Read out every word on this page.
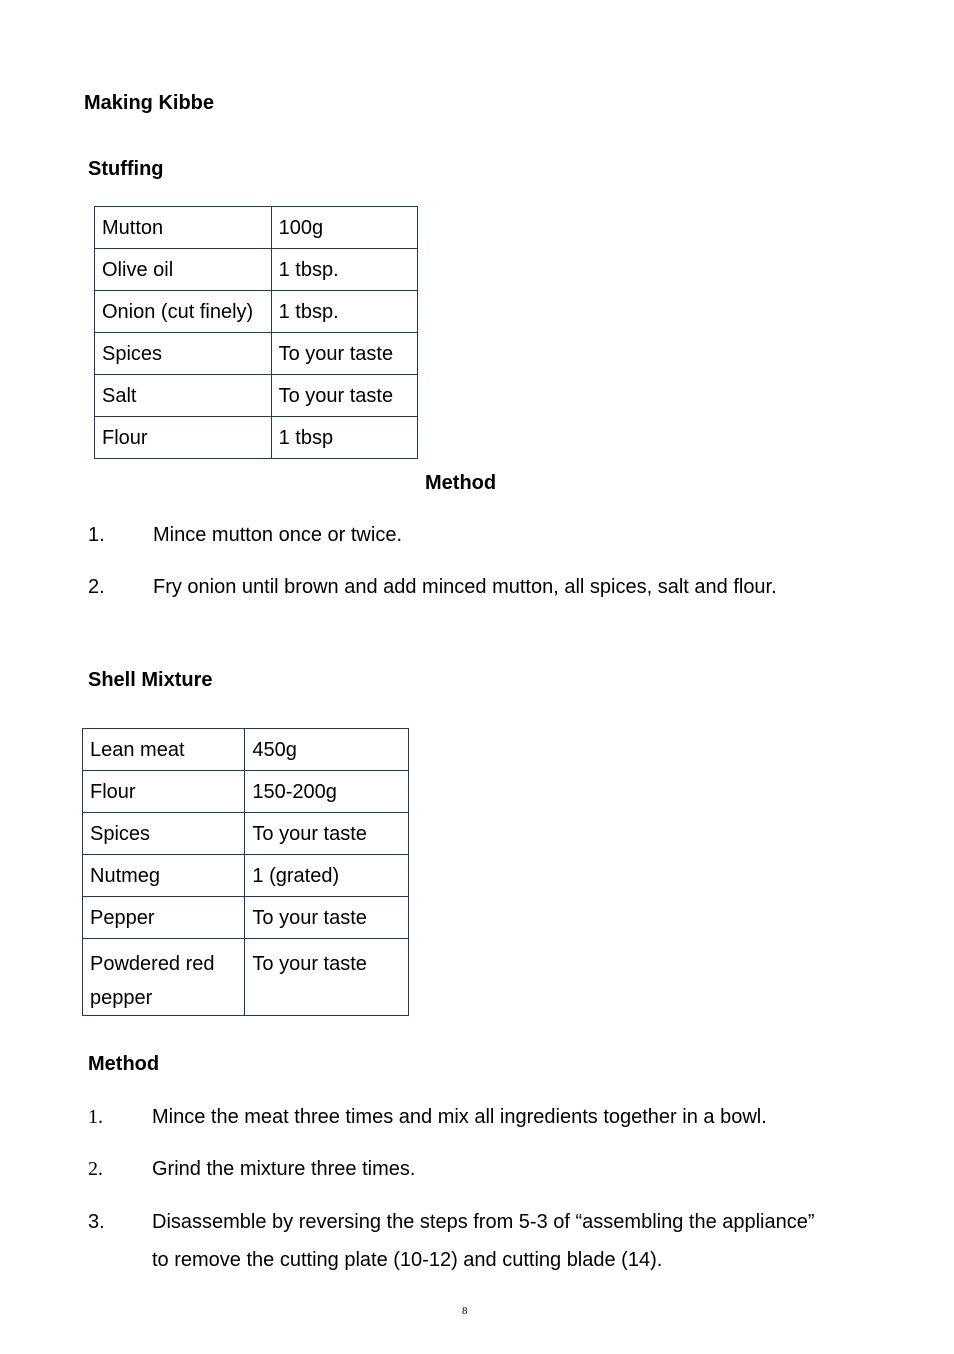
Making Kibbe
Stuffing
Mutton	100g
Olive oil	1 tbsp.
Onion (cut finely)	1 tbsp.
Spices	To your taste
Salt	To your taste
Flour	1 tbsp
Method
1. Mince mutton once or twice.
2. Fry onion until brown and add minced mutton, all spices, salt and flour.
Shell Mixture
Lean meat	450g
Flour	150-200g
Spices	To your taste
Nutmeg	1 (grated)
Pepper	To your taste
Powdered red pepper	To your taste
Method
1. Mince the meat three times and mix all ingredients together in a bowl.
2. Grind the mixture three times.
3. Disassemble by reversing the steps from 5-3 of “assembling the appliance”
to remove the cutting plate (10-12) and cutting blade (14).
8
